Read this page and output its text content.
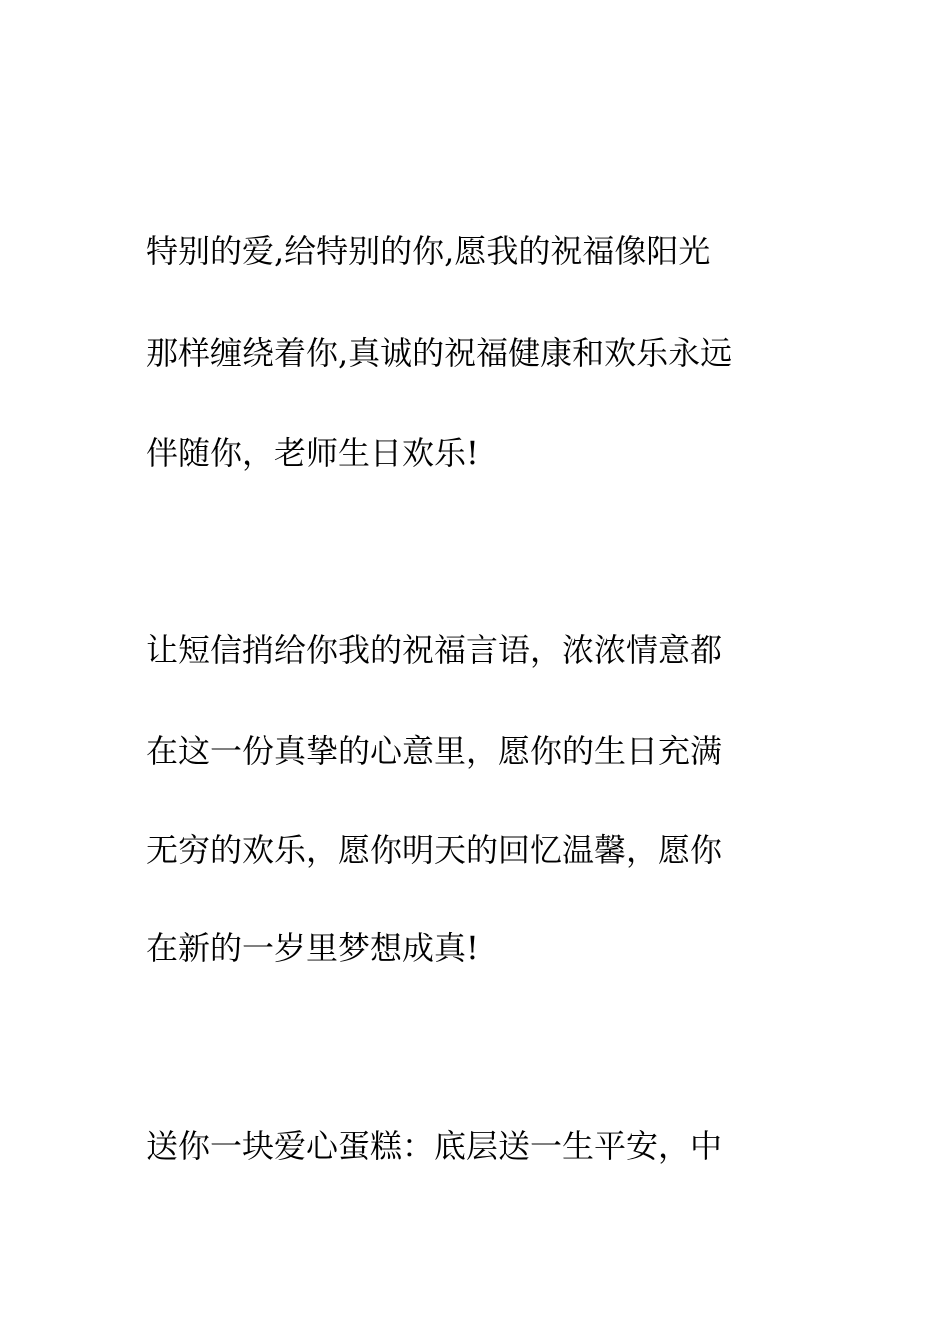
特别的爱,给特别的你,愿我的祝福像阳光
那样缠绕着你,真诚的祝福健康和欢乐永远
伴随你，老师生日欢乐!
让短信捎给你我的祝福言语，浓浓情意都
在这一份真挚的心意里，愿你的生日充满
无穷的欢乐，愿你明天的回忆温馨，愿你
在新的一岁里梦想成真!
送你一块爱心蛋糕：底层送一生平安，中
